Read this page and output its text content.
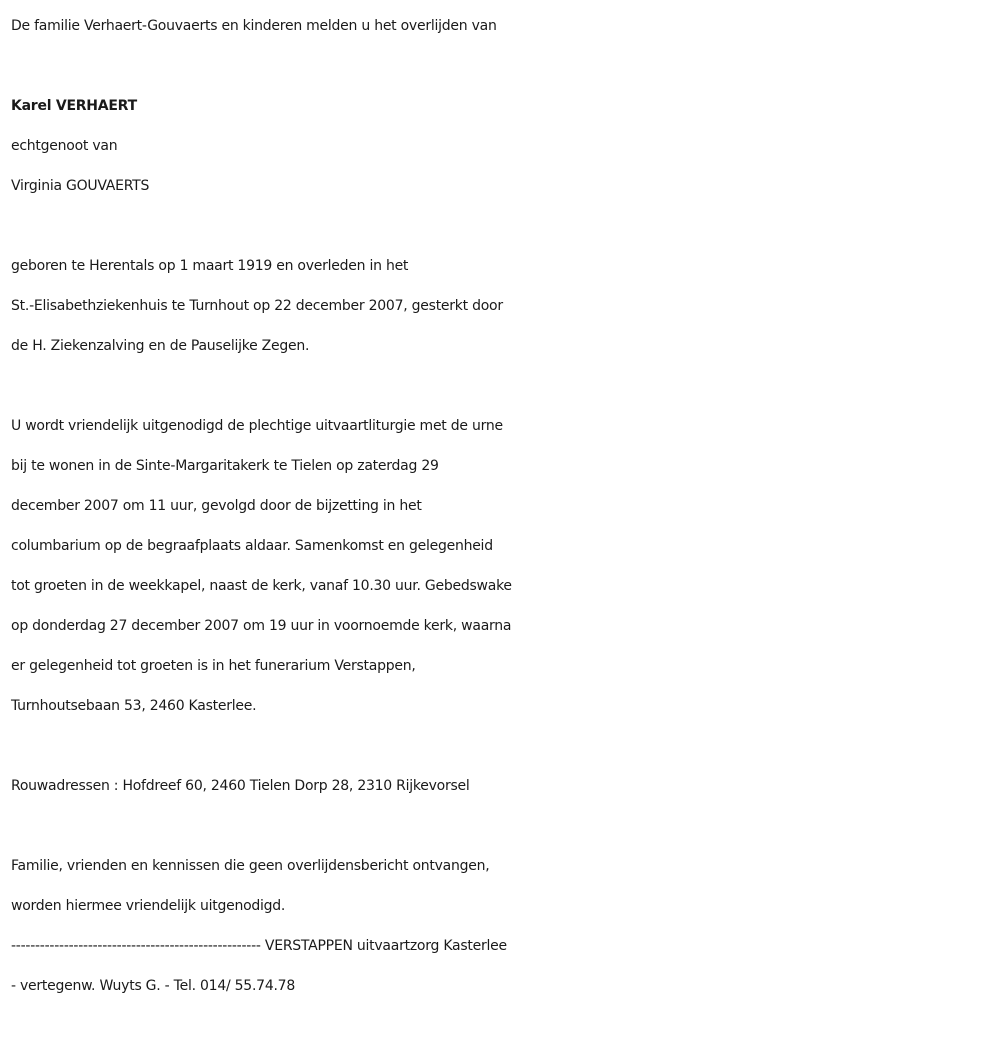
De familie Verhaert-Gouvaerts en kinderen melden u het overlijden van
Karel VERHAERT
echtgenoot van
Virginia GOUVAERTS
geboren te Herentals op 1 maart 1919 en overleden in het
St.-Elisabethziekenhuis te Turnhout op 22 december 2007, gesterkt door
de H. Ziekenzalving en de Pauselijke Zegen.
U wordt vriendelijk uitgenodigd de plechtige uitvaartliturgie met de urne
bij te wonen in de Sinte-Margaritakerk te Tielen op zaterdag 29
december 2007 om 11 uur, gevolgd door de bijzetting in het
columbarium op de begraafplaats aldaar. Samenkomst en gelegenheid
tot groeten in de weekkapel, naast de kerk, vanaf 10.30 uur. Gebedswake
op donderdag 27 december 2007 om 19 uur in voornoemde kerk, waarna
er gelegenheid tot groeten is in het funerarium Verstappen,
Turnhoutsebaan 53, 2460 Kasterlee.
Rouwadressen : Hofdreef 60, 2460 Tielen Dorp 28, 2310 Rijkevorsel
Familie, vrienden en kennissen die geen overlijdensbericht ontvangen,
worden hiermee vriendelijk uitgenodigd.
---------------------------------------------------- VERSTAPPEN uitvaartzorg Kasterlee
- vertegenw. Wuyts G. - Tel. 014/ 55.74.78
